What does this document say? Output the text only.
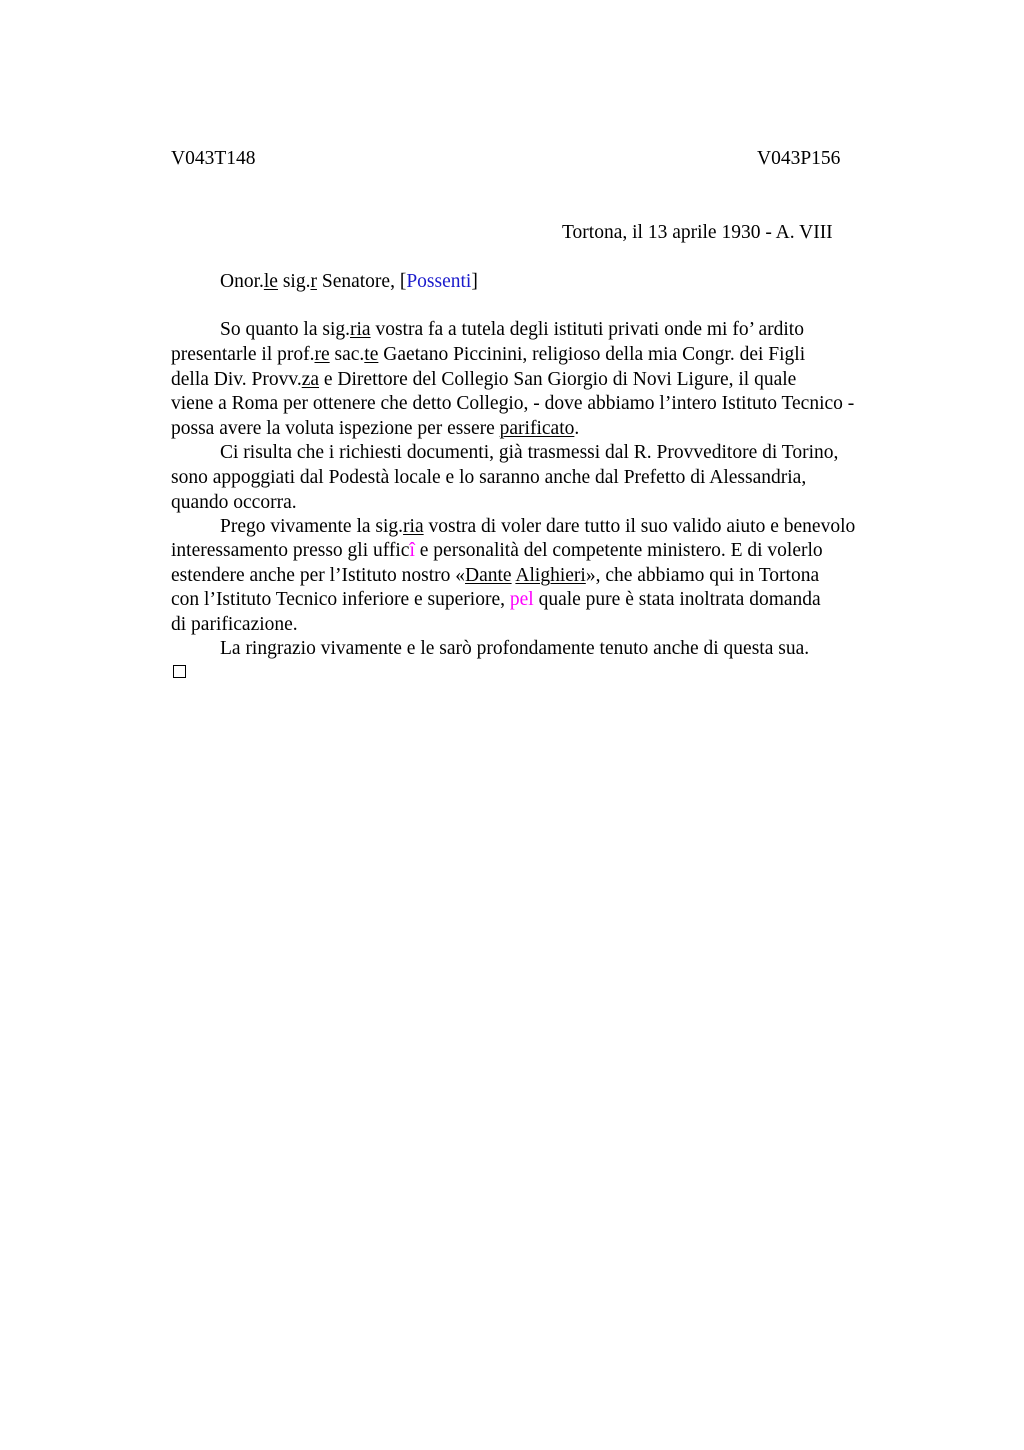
V043T148	V043P156
Tortona, il 13 aprile 1930 - A. VIII
Onor.le sig.r Senatore, [Possenti]
So quanto la sig.ria vostra fa a tutela degli istituti privati onde mi fo’ ardito
presentarle il prof.re sac.te Gaetano Piccinini, religioso della mia Congr. dei Figli
della Div. Provv.za e Direttore del Collegio San Giorgio di Novi Ligure, il quale
viene a Roma per ottenere che detto Collegio, - dove abbiamo l’intero Istituto Tecnico -
possa avere la voluta ispezione per essere parificato.
Ci risulta che i richiesti documenti, già trasmessi dal R. Provveditore di Torino,
sono appoggiati dal Podestà locale e lo saranno anche dal Prefetto di Alessandria,
quando occorra.
Prego vivamente la sig.ria vostra di voler dare tutto il suo valido aiuto e benevolo
interessamento presso gli ufficî e personalità del competente ministero. E di volerlo
estendere anche per l’Istituto nostro «Dante Alighieri», che abbiamo qui in Tortona
con l’Istituto Tecnico inferiore e superiore, pel quale pure è stata inoltrata domanda
di parificazione.
La ringrazio vivamente e le sarò profondamente tenuto anche di questa sua.
